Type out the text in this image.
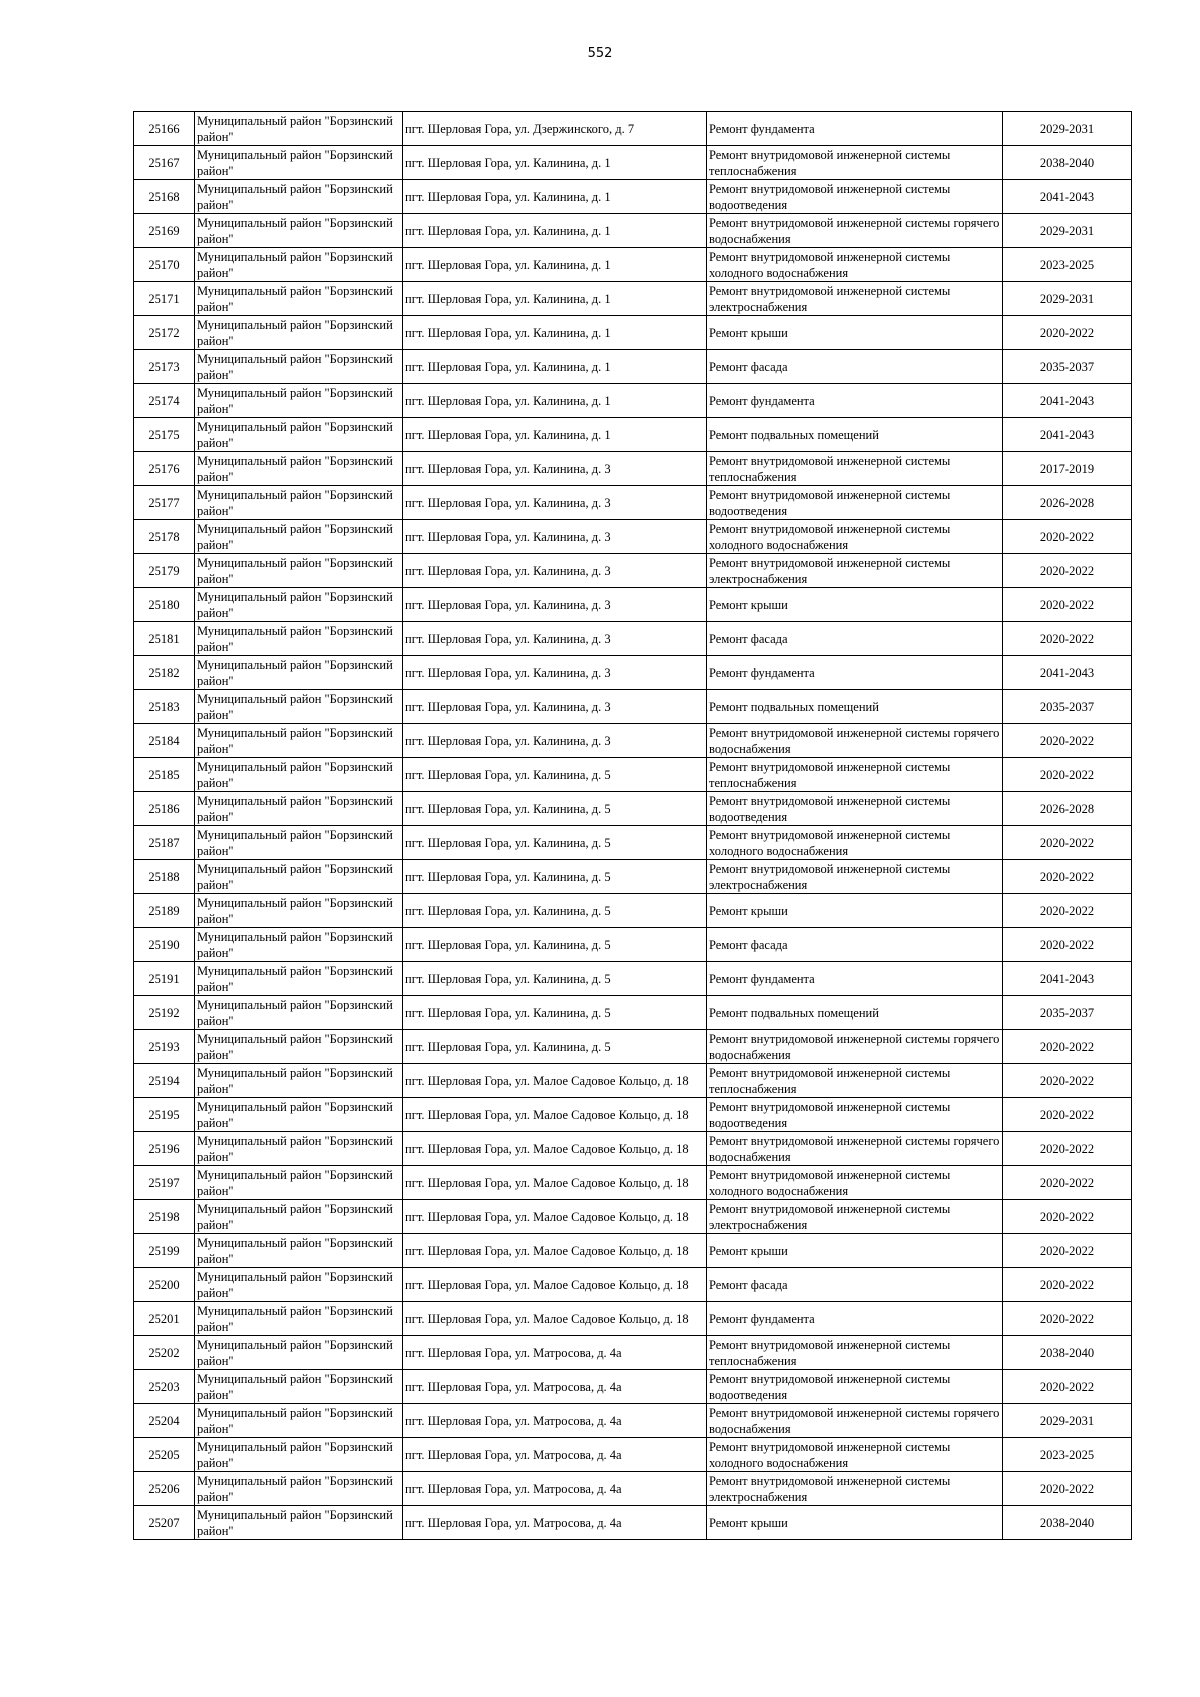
552
25166	Муниципальный район "Борзинский район"	пгт. Шерловая Гора, ул. Дзержинского, д. 7	Ремонт фундамента	2029-2031
25167	Муниципальный район "Борзинский район"	пгт. Шерловая Гора, ул. Калинина, д. 1	Ремонт внутридомовой инженерной системы теплоснабжения	2038-2040
25168	Муниципальный район "Борзинский район"	пгт. Шерловая Гора, ул. Калинина, д. 1	Ремонт внутридомовой инженерной системы водоотведения	2041-2043
25169	Муниципальный район "Борзинский район"	пгт. Шерловая Гора, ул. Калинина, д. 1	Ремонт внутридомовой инженерной системы горячего водоснабжения	2029-2031
25170	Муниципальный район "Борзинский район"	пгт. Шерловая Гора, ул. Калинина, д. 1	Ремонт внутридомовой инженерной системы холодного водоснабжения	2023-2025
25171	Муниципальный район "Борзинский район"	пгт. Шерловая Гора, ул. Калинина, д. 1	Ремонт внутридомовой инженерной системы электроснабжения	2029-2031
25172	Муниципальный район "Борзинский район"	пгт. Шерловая Гора, ул. Калинина, д. 1	Ремонт крыши	2020-2022
25173	Муниципальный район "Борзинский район"	пгт. Шерловая Гора, ул. Калинина, д. 1	Ремонт фасада	2035-2037
25174	Муниципальный район "Борзинский район"	пгт. Шерловая Гора, ул. Калинина, д. 1	Ремонт фундамента	2041-2043
25175	Муниципальный район "Борзинский район"	пгт. Шерловая Гора, ул. Калинина, д. 1	Ремонт подвальных помещений	2041-2043
25176	Муниципальный район "Борзинский район"	пгт. Шерловая Гора, ул. Калинина, д. 3	Ремонт внутридомовой инженерной системы теплоснабжения	2017-2019
25177	Муниципальный район "Борзинский район"	пгт. Шерловая Гора, ул. Калинина, д. 3	Ремонт внутридомовой инженерной системы водоотведения	2026-2028
25178	Муниципальный район "Борзинский район"	пгт. Шерловая Гора, ул. Калинина, д. 3	Ремонт внутридомовой инженерной системы холодного водоснабжения	2020-2022
25179	Муниципальный район "Борзинский район"	пгт. Шерловая Гора, ул. Калинина, д. 3	Ремонт внутридомовой инженерной системы электроснабжения	2020-2022
25180	Муниципальный район "Борзинский район"	пгт. Шерловая Гора, ул. Калинина, д. 3	Ремонт крыши	2020-2022
25181	Муниципальный район "Борзинский район"	пгт. Шерловая Гора, ул. Калинина, д. 3	Ремонт фасада	2020-2022
25182	Муниципальный район "Борзинский район"	пгт. Шерловая Гора, ул. Калинина, д. 3	Ремонт фундамента	2041-2043
25183	Муниципальный район "Борзинский район"	пгт. Шерловая Гора, ул. Калинина, д. 3	Ремонт подвальных помещений	2035-2037
25184	Муниципальный район "Борзинский район"	пгт. Шерловая Гора, ул. Калинина, д. 3	Ремонт внутридомовой инженерной системы горячего водоснабжения	2020-2022
25185	Муниципальный район "Борзинский район"	пгт. Шерловая Гора, ул. Калинина, д. 5	Ремонт внутридомовой инженерной системы теплоснабжения	2020-2022
25186	Муниципальный район "Борзинский район"	пгт. Шерловая Гора, ул. Калинина, д. 5	Ремонт внутридомовой инженерной системы водоотведения	2026-2028
25187	Муниципальный район "Борзинский район"	пгт. Шерловая Гора, ул. Калинина, д. 5	Ремонт внутридомовой инженерной системы холодного водоснабжения	2020-2022
25188	Муниципальный район "Борзинский район"	пгт. Шерловая Гора, ул. Калинина, д. 5	Ремонт внутридомовой инженерной системы электроснабжения	2020-2022
25189	Муниципальный район "Борзинский район"	пгт. Шерловая Гора, ул. Калинина, д. 5	Ремонт крыши	2020-2022
25190	Муниципальный район "Борзинский район"	пгт. Шерловая Гора, ул. Калинина, д. 5	Ремонт фасада	2020-2022
25191	Муниципальный район "Борзинский район"	пгт. Шерловая Гора, ул. Калинина, д. 5	Ремонт фундамента	2041-2043
25192	Муниципальный район "Борзинский район"	пгт. Шерловая Гора, ул. Калинина, д. 5	Ремонт подвальных помещений	2035-2037
25193	Муниципальный район "Борзинский район"	пгт. Шерловая Гора, ул. Калинина, д. 5	Ремонт внутридомовой инженерной системы горячего водоснабжения	2020-2022
25194	Муниципальный район "Борзинский район"	пгт. Шерловая Гора, ул. Малое Садовое Кольцо, д. 18	Ремонт внутридомовой инженерной системы теплоснабжения	2020-2022
25195	Муниципальный район "Борзинский район"	пгт. Шерловая Гора, ул. Малое Садовое Кольцо, д. 18	Ремонт внутридомовой инженерной системы водоотведения	2020-2022
25196	Муниципальный район "Борзинский район"	пгт. Шерловая Гора, ул. Малое Садовое Кольцо, д. 18	Ремонт внутридомовой инженерной системы горячего водоснабжения	2020-2022
25197	Муниципальный район "Борзинский район"	пгт. Шерловая Гора, ул. Малое Садовое Кольцо, д. 18	Ремонт внутридомовой инженерной системы холодного водоснабжения	2020-2022
25198	Муниципальный район "Борзинский район"	пгт. Шерловая Гора, ул. Малое Садовое Кольцо, д. 18	Ремонт внутридомовой инженерной системы электроснабжения	2020-2022
25199	Муниципальный район "Борзинский район"	пгт. Шерловая Гора, ул. Малое Садовое Кольцо, д. 18	Ремонт крыши	2020-2022
25200	Муниципальный район "Борзинский район"	пгт. Шерловая Гора, ул. Малое Садовое Кольцо, д. 18	Ремонт фасада	2020-2022
25201	Муниципальный район "Борзинский район"	пгт. Шерловая Гора, ул. Малое Садовое Кольцо, д. 18	Ремонт фундамента	2020-2022
25202	Муниципальный район "Борзинский район"	пгт. Шерловая Гора, ул. Матросова, д. 4а	Ремонт внутридомовой инженерной системы теплоснабжения	2038-2040
25203	Муниципальный район "Борзинский район"	пгт. Шерловая Гора, ул. Матросова, д. 4а	Ремонт внутридомовой инженерной системы водоотведения	2020-2022
25204	Муниципальный район "Борзинский район"	пгт. Шерловая Гора, ул. Матросова, д. 4а	Ремонт внутридомовой инженерной системы горячего водоснабжения	2029-2031
25205	Муниципальный район "Борзинский район"	пгт. Шерловая Гора, ул. Матросова, д. 4а	Ремонт внутридомовой инженерной системы холодного водоснабжения	2023-2025
25206	Муниципальный район "Борзинский район"	пгт. Шерловая Гора, ул. Матросова, д. 4а	Ремонт внутридомовой инженерной системы электроснабжения	2020-2022
25207	Муниципальный район "Борзинский район"	пгт. Шерловая Гора, ул. Матросова, д. 4а	Ремонт крыши	2038-2040
